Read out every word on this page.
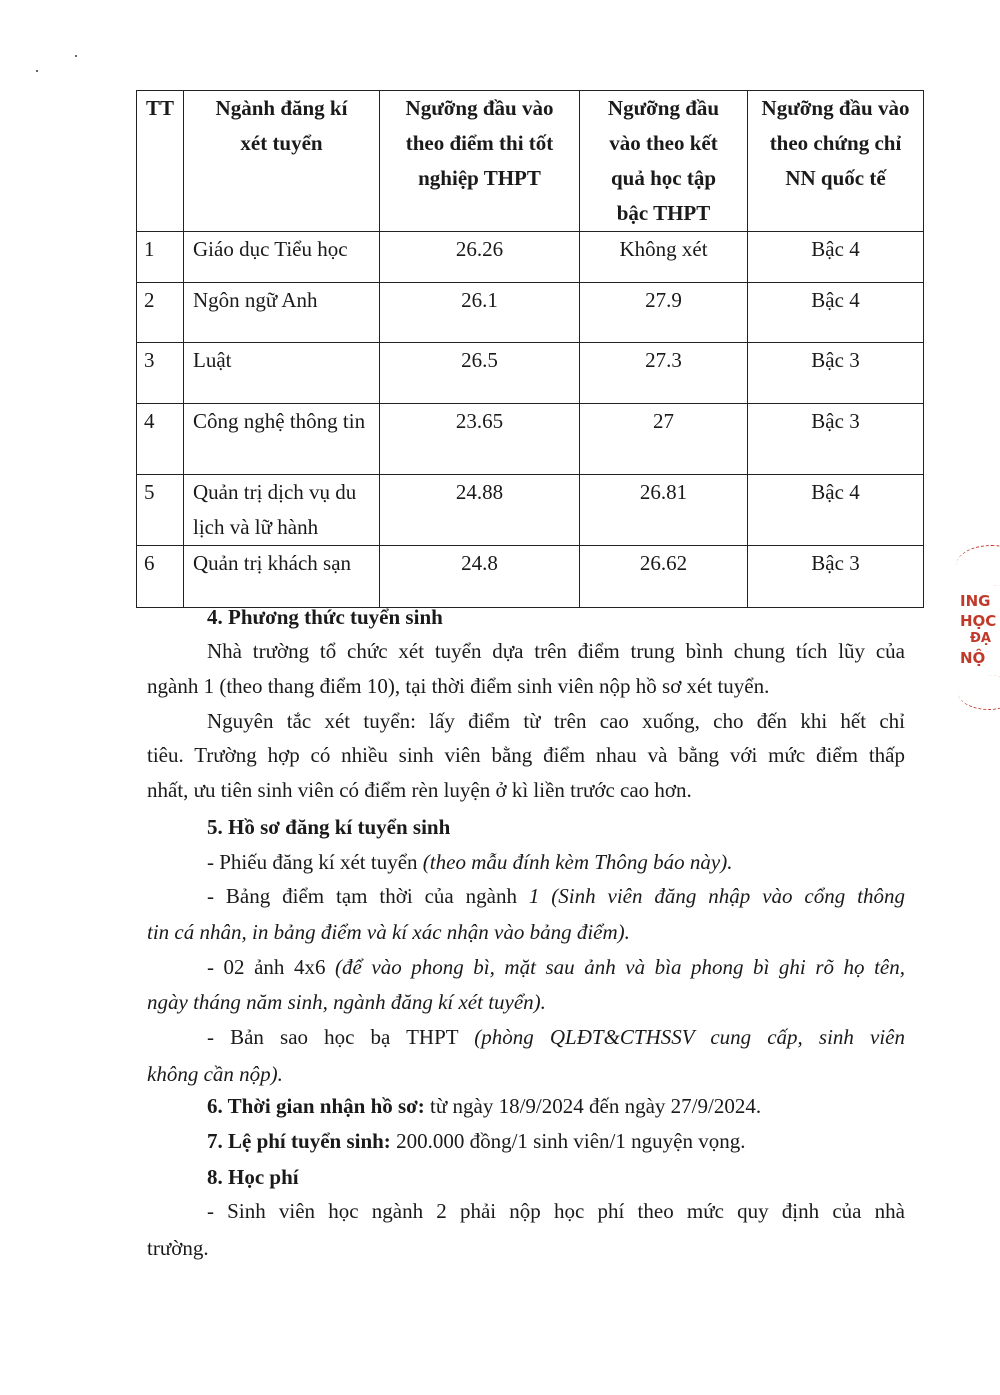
TT	Ngành đăng kí xét tuyển	Ngưỡng đầu vào theo điểm thi tốt nghiệp THPT	Ngưỡng đầu vào theo kết quả học tập bậc THPT	Ngưỡng đầu vào theo chứng chỉ NN quốc tế
1	Giáo dục Tiểu học	26.26	Không xét	Bậc 4
2	Ngôn ngữ Anh	26.1	27.9	Bậc 4
3	Luật	26.5	27.3	Bậc 3
4	Công nghệ thông tin	23.65	27	Bậc 3
5	Quản trị dịch vụ du lịch và lữ hành	24.88	26.81	Bậc 4
6	Quản trị khách sạn	24.8	26.62	Bậc 3
ING
HỌC
ĐẠ
NỘ
4. Phương thức tuyển sinh
Nhà trường tổ chức xét tuyển dựa trên điểm trung bình chung tích lũy của
ngành 1 (theo thang điểm 10), tại thời điểm sinh viên nộp hồ sơ xét tuyển.
Nguyên tắc xét tuyển: lấy điểm từ trên cao xuống, cho đến khi hết chỉ
tiêu. Trường hợp có nhiều sinh viên bằng điểm nhau và bằng với mức điểm thấp
nhất, ưu tiên sinh viên có điểm rèn luyện ở kì liền trước cao hơn.
5. Hồ sơ đăng kí tuyển sinh
- Phiếu đăng kí xét tuyển (theo mẫu đính kèm Thông báo này).
- Bảng điểm tạm thời của ngành 1 (Sinh viên đăng nhập vào cổng thông
tin cá nhân, in bảng điểm và kí xác nhận vào bảng điểm).
- 02 ảnh 4x6 (để vào phong bì, mặt sau ảnh và bìa phong bì ghi rõ họ tên,
ngày tháng năm sinh, ngành đăng kí xét tuyển).
- Bản sao học bạ THPT (phòng QLĐT&CTHSSV cung cấp, sinh viên
không cần nộp).
6. Thời gian nhận hồ sơ: từ ngày 18/9/2024 đến ngày 27/9/2024.
7. Lệ phí tuyển sinh: 200.000 đồng/1 sinh viên/1 nguyện vọng.
8. Học phí
- Sinh viên học ngành 2 phải nộp học phí theo mức quy định của nhà
trường.
